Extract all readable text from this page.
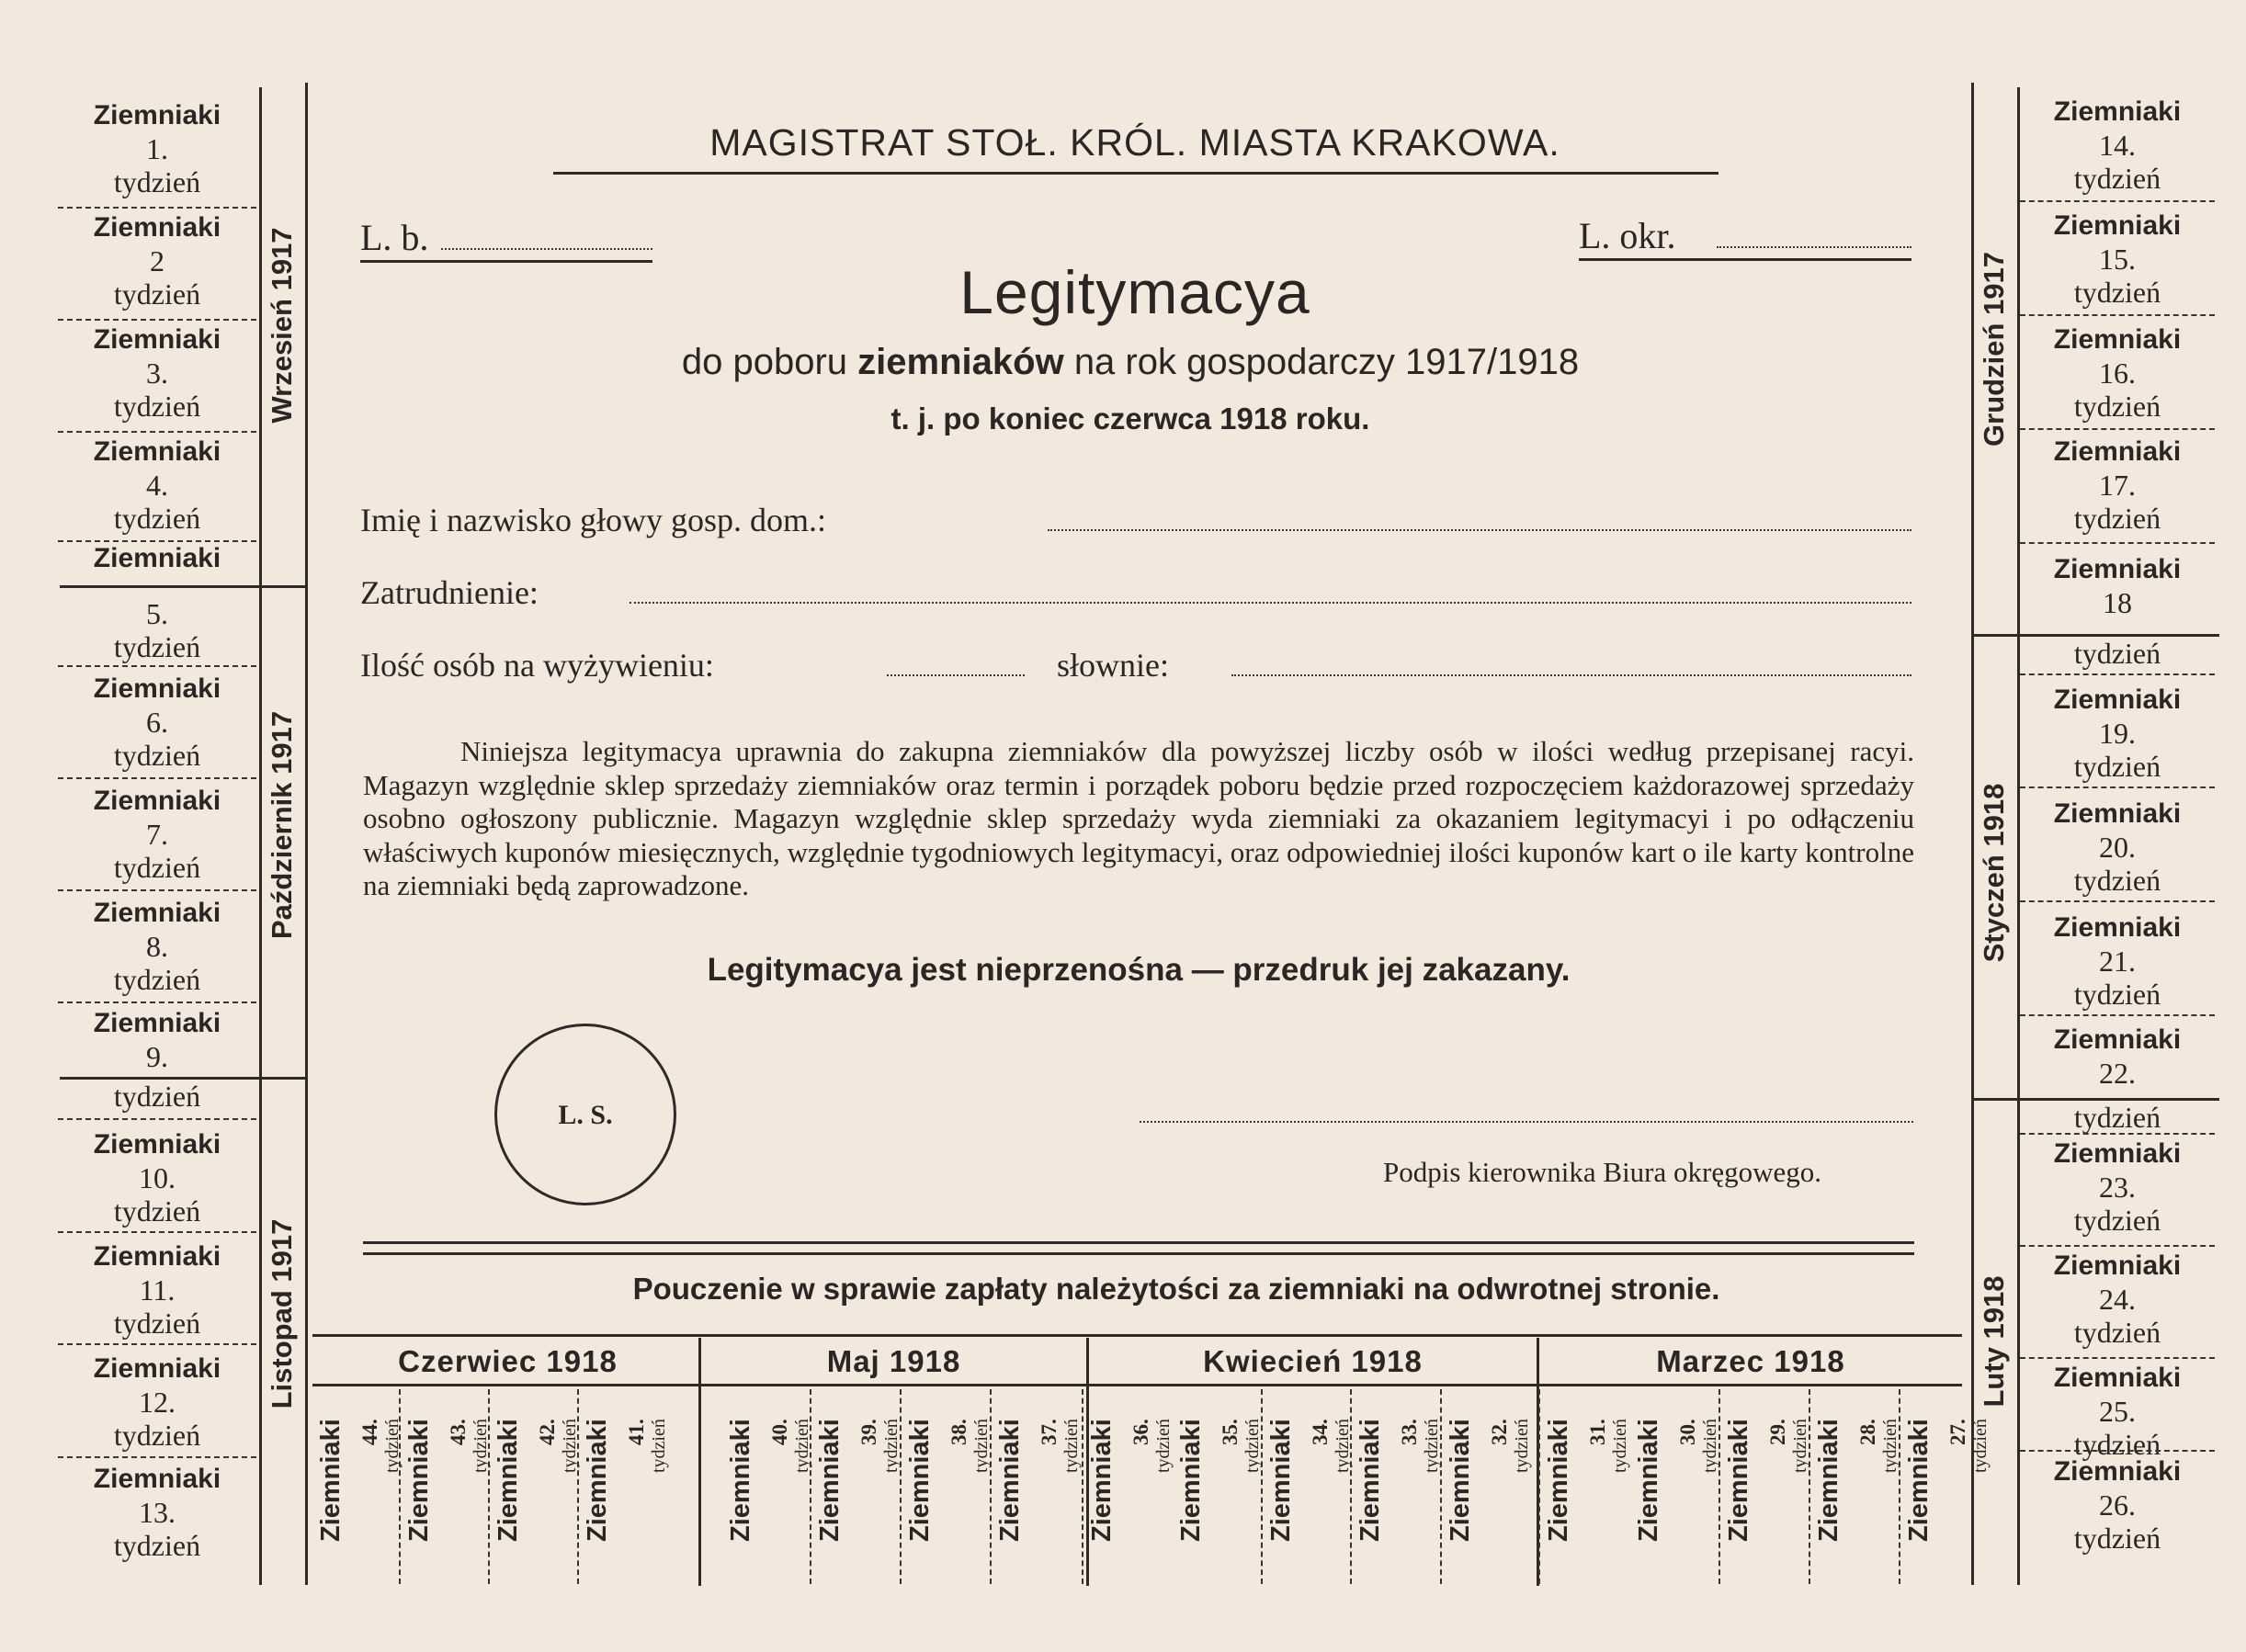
Wrzesień 1917
Październik 1917
Listopad 1917
Ziemniaki
1.
tydzień
Ziemniaki
2
tydzień
Ziemniaki
3.
tydzień
Ziemniaki
4.
tydzień
Ziemniaki
5.
tydzień
Ziemniaki
6.
tydzień
Ziemniaki
7.
tydzień
Ziemniaki
8.
tydzień
Ziemniaki
9.
tydzień
Ziemniaki
10.
tydzień
Ziemniaki
11.
tydzień
Ziemniaki
12.
tydzień
Ziemniaki
13.
tydzień
Grudzień 1917
Styczeń 1918
Luty 1918
Ziemniaki
14.
tydzień
Ziemniaki
15.
tydzień
Ziemniaki
16.
tydzień
Ziemniaki
17.
tydzień
Ziemniaki
18
tydzień
Ziemniaki
19.
tydzień
Ziemniaki
20.
tydzień
Ziemniaki
21.
tydzień
Ziemniaki
22.
tydzień
Ziemniaki
23.
tydzień
Ziemniaki
24.
tydzień
Ziemniaki
25.
tydzień
Ziemniaki
26.
tydzień
MAGISTRAT STOŁ. KRÓL. MIASTA KRAKOWA.
L. b.	L. okr.
Legitymacya
do poboru ziemniaków na rok gospodarczy 1917/1918
t. j. po koniec czerwca 1918 roku.
Imię i nazwisko głowy gosp. dom.:
Zatrudnienie:
Ilość osób na wyżywieniu:	słownie:
Niniejsza legitymacya uprawnia do zakupna ziemniaków dla powyższej liczby osób w ilości według przepisanej racyi. Magazyn względnie sklep sprzedaży ziemniaków oraz termin i porządek poboru będzie przed rozpoczęciem każdorazowej sprzedaży osobno ogłoszony publicznie. Magazyn względnie sklep sprzedaży wyda ziemniaki za okazaniem legitymacyi i po odłączeniu właściwych kuponów miesięcznych, względnie tygodniowych legitymacyi, oraz odpowiedniej ilości kuponów kart o ile karty kontrolne na ziemniaki będą zaprowadzone.
Legitymacya jest nieprzenośna — przedruk jej zakazany.
L. S.
Podpis kierownika Biura okręgowego.
Pouczenie w sprawie zapłaty należytości za ziemniaki na odwrotnej stronie.
Czerwiec 1918	Maj 1918	Kwiecień 1918	Marzec 1918
Ziemniaki 44.
tydzień Ziemniaki 43.
tydzień Ziemniaki 42.
tydzień Ziemniaki 41.
tydzień Ziemniaki 40.
tydzień Ziemniaki 39.
tydzień Ziemniaki 38.
tydzień Ziemniaki 37.
tydzień Ziemniaki 36.
tydzień Ziemniaki 35.
tydzień Ziemniaki 34.
tydzień Ziemniaki 33.
tydzień Ziemniaki 32.
tydzień Ziemniaki 31.
tydzień Ziemniaki 30.
tydzień Ziemniaki 29.
tydzień Ziemniaki 28.
tydzień Ziemniaki 27.
tydzień
